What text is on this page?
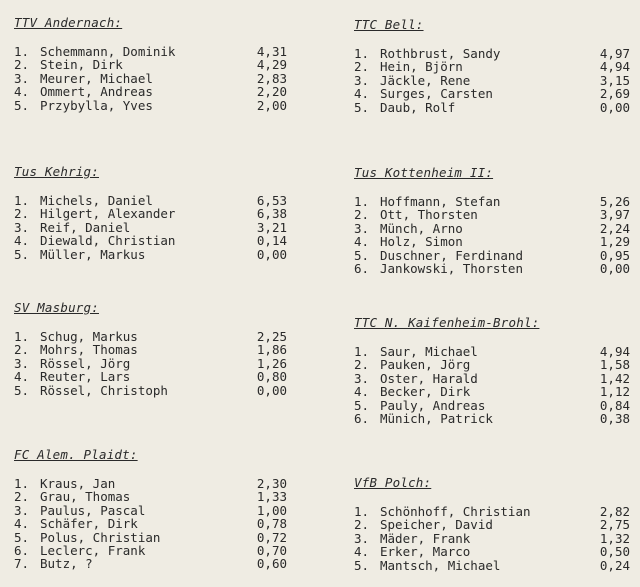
TTV Andernach:
1. Schemmann, Dominik	4,31
2. Stein, Dirk	4,29
3. Meurer, Michael	2,83
4. Ommert, Andreas	2,20
5. Przybylla, Yves	2,00
TTC Bell:
1. Rothbrust, Sandy	4,97
2. Hein, Björn	4,94
3. Jäckle, Rene	3,15
4. Surges, Carsten	2,69
5. Daub, Rolf	0,00
Tus Kehrig:
1. Michels, Daniel	6,53
2. Hilgert, Alexander	6,38
3. Reif, Daniel	3,21
4. Diewald, Christian	0,14
5. Müller, Markus	0,00
Tus Kottenheim II:
1. Hoffmann, Stefan	5,26
2. Ott, Thorsten	3,97
3. Münch, Arno	2,24
4. Holz, Simon	1,29
5. Duschner, Ferdinand	0,95
6. Jankowski, Thorsten	0,00
SV Masburg:
1. Schug, Markus	2,25
2. Mohrs, Thomas	1,86
3. Rössel, Jörg	1,26
4. Reuter, Lars	0,80
5. Rössel, Christoph	0,00
TTC N. Kaifenheim-Brohl:
1. Saur, Michael	4,94
2. Pauken, Jörg	1,58
3. Oster, Harald	1,42
4. Becker, Dirk	1,12
5. Pauly, Andreas	0,84
6. Münich, Patrick	0,38
FC Alem. Plaidt:
1. Kraus, Jan	2,30
2. Grau, Thomas	1,33
3. Paulus, Pascal	1,00
4. Schäfer, Dirk	0,78
5. Polus, Christian	0,72
6. Leclerc, Frank	0,70
7. Butz, ?	0,60
VfB Polch:
1. Schönhoff, Christian	2,82
2. Speicher, David	2,75
3. Mäder, Frank	1,32
4. Erker, Marco	0,50
5. Mantsch, Michael	0,24
